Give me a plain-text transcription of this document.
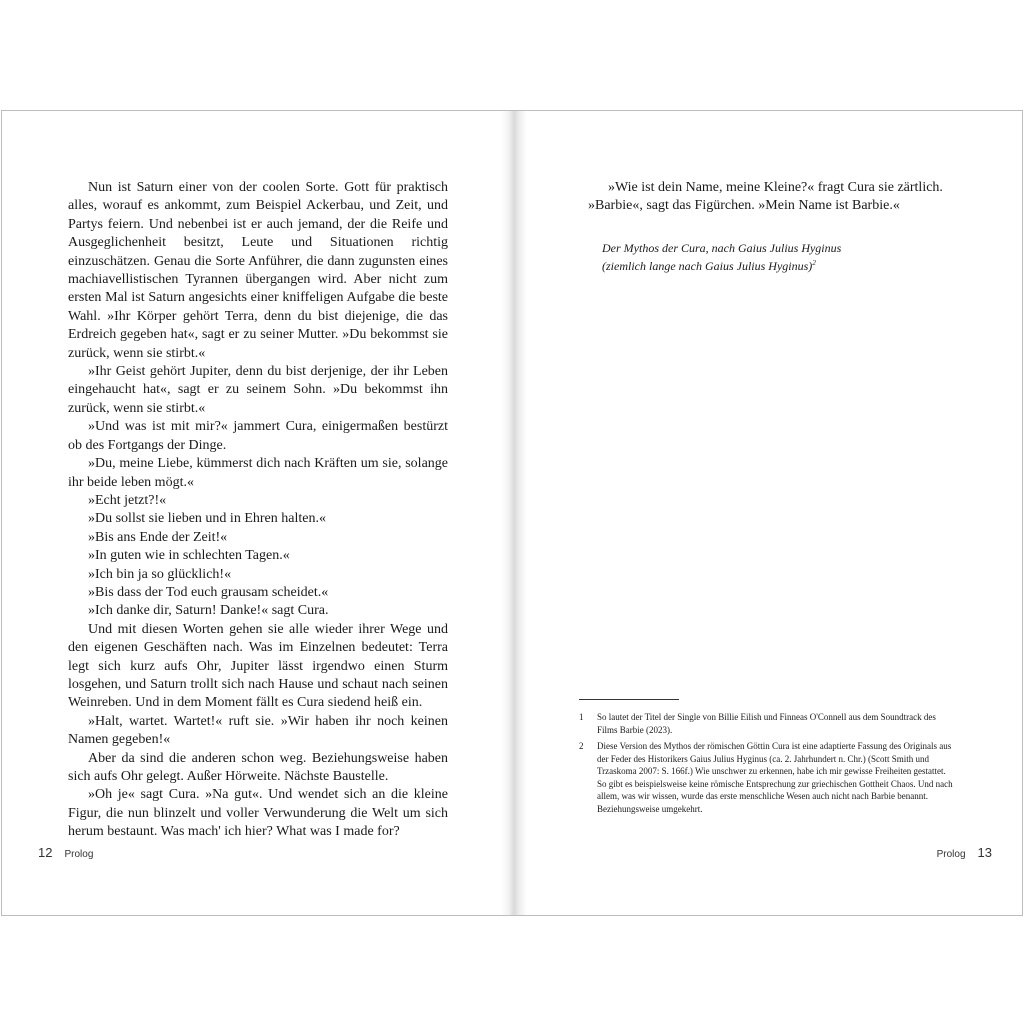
Nun ist Saturn einer von der coolen Sorte. Gott für praktisch alles, worauf es ankommt, zum Beispiel Ackerbau, und Zeit, und Partys feiern. Und nebenbei ist er auch jemand, der die Reife und Ausgeglichenheit besitzt, Leute und Situationen richtig einzuschätzen. Genau die Sorte Anführer, die dann zugunsten eines machiavellistischen Tyrannen übergangen wird. Aber nicht zum ersten Mal ist Saturn angesichts einer kniffeligen Aufgabe die beste Wahl. »Ihr Körper gehört Terra, denn du bist diejenige, die das Erdreich gegeben hat«, sagt er zu seiner Mutter. »Du bekommst sie zurück, wenn sie stirbt.«

»Ihr Geist gehört Jupiter, denn du bist derjenige, der ihr Leben eingehaucht hat«, sagt er zu seinem Sohn. »Du bekommst ihn zurück, wenn sie stirbt.«

»Und was ist mit mir?« jammert Cura, einigermaßen bestürzt ob des Fortgangs der Dinge.

»Du, meine Liebe, kümmerst dich nach Kräften um sie, solange ihr beide leben mögt.«

»Echt jetzt?!«

»Du sollst sie lieben und in Ehren halten.«

»Bis ans Ende der Zeit!«

»In guten wie in schlechten Tagen.«

»Ich bin ja so glücklich!«

»Bis dass der Tod euch grausam scheidet.«

»Ich danke dir, Saturn! Danke!« sagt Cura.

Und mit diesen Worten gehen sie alle wieder ihrer Wege und den eigenen Geschäften nach. Was im Einzelnen bedeutet: Terra legt sich kurz aufs Ohr, Jupiter lässt irgendwo einen Sturm losgehen, und Saturn trollt sich nach Hause und schaut nach seinen Weinreben. Und in dem Moment fällt es Cura siedend heiß ein.

»Halt, wartet. Wartet!« ruft sie. »Wir haben ihr noch keinen Namen gegeben!«

Aber da sind die anderen schon weg. Beziehungsweise haben sich aufs Ohr gelegt. Außer Hörweite. Nächste Baustelle.

»Oh je« sagt Cura. »Na gut«. Und wendet sich an die kleine Figur, die nun blinzelt und voller Verwunderung die Welt um sich herum bestaunt. Was mach' ich hier? What was I made for?

12 Prolog

»Wie ist dein Name, meine Kleine?« fragt Cura sie zärtlich.

»Barbie«, sagt das Figürchen. »Mein Name ist Barbie.«

Der Mythos der Cura, nach Gaius Julius Hyginus
(ziemlich lange nach Gaius Julius Hyginus)$^2$
1	So lautet der Titel der Single von Billie Eilish und Finneas O'Connell aus dem Soundtrack des Films Barbie (2023).
2	Diese Version des Mythos der römischen Göttin Cura ist eine adaptierte Fassung des Originals aus der Feder des Historikers Gaius Julius Hyginus (ca. 2. Jahrhundert n. Chr.) (Scott Smith und Trzaskoma 2007: S. 166f.) Wie unschwer zu erkennen, habe ich mir gewisse Freiheiten gestattet. So gibt es beispielsweise keine römische Entsprechung zur griechischen Gottheit Chaos. Und nach allem, was wir wissen, wurde das erste menschliche Wesen auch nicht nach Barbie benannt. Beziehungsweise umgekehrt.
Prolog 13
